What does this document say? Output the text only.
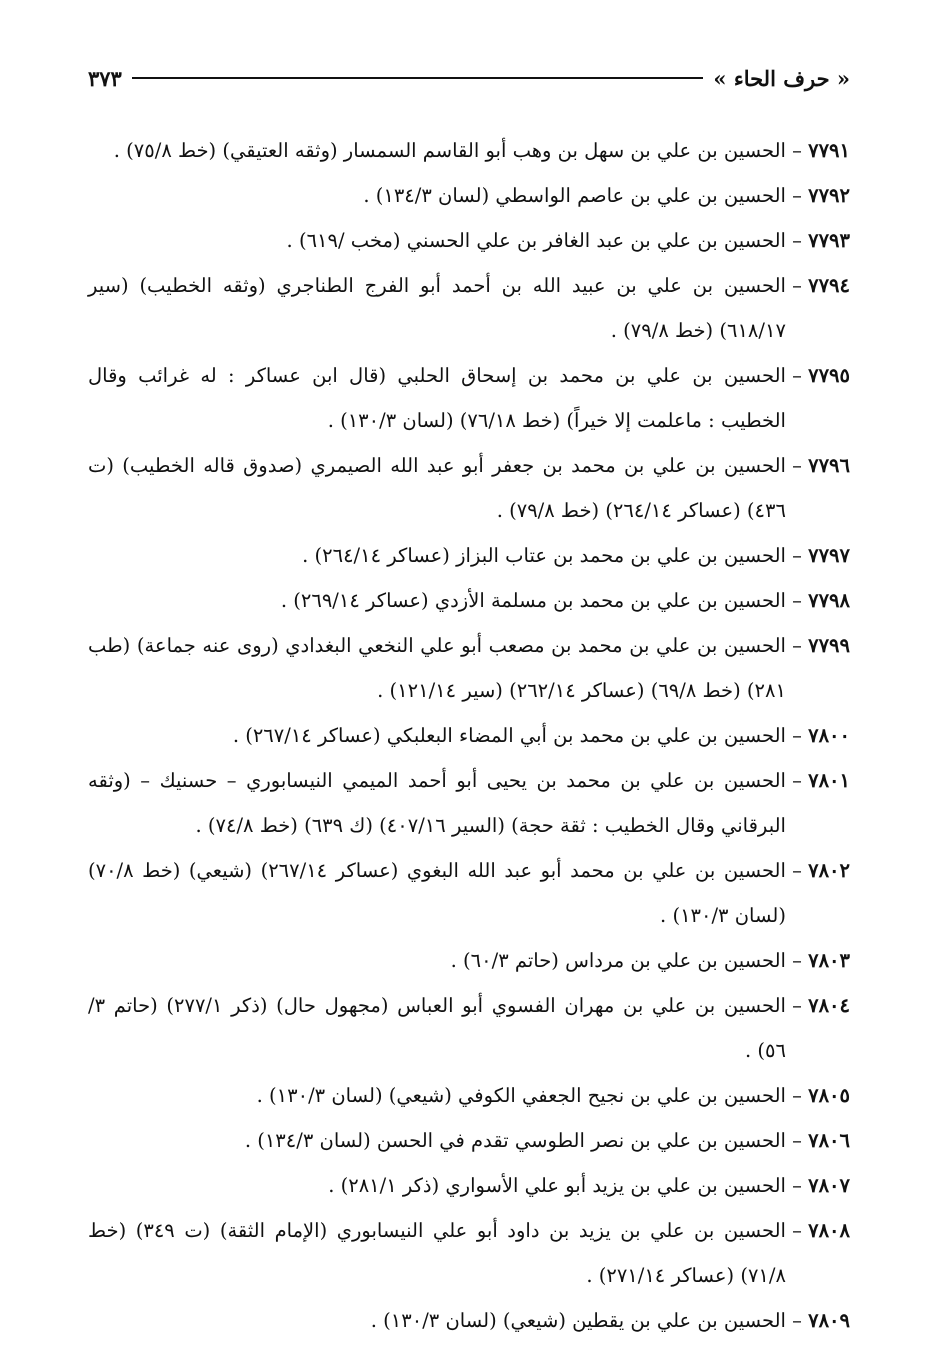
« حرف الحاء »
٣٧٣
٧٧٩١
–
الحسين بن علي بن سهل بن وهب أبو القاسم السمسار (وثقه العتيقي) (خط ٧٥/٨) .
٧٧٩٢
–
الحسين بن علي بن عاصم الواسطي (لسان ١٣٤/٣) .
٧٧٩٣
–
الحسين بن علي بن عبد الغافر بن علي الحسني (مخب /٦١٩) .
٧٧٩٤
–
الحسين بن علي بن عبيد الله بن أحمد أبو الفرج الطناجري (وثقه الخطيب) (سير ٦١٨/١٧) (خط ٧٩/٨) .
٧٧٩٥
–
الحسين بن علي بن محمد بن إسحاق الحلبي (قال ابن عساكر : له غرائب وقال الخطيب : ماعلمت إلا خيراً) (خط ٧٦/١٨) (لسان ١٣٠/٣) .
٧٧٩٦
–
الحسين بن علي بن محمد بن جعفر أبو عبد الله الصيمري (صدوق قاله الخطيب) (ت ٤٣٦) (عساكر ٢٦٤/١٤) (خط ٧٩/٨) .
٧٧٩٧
–
الحسين بن علي بن محمد بن عتاب البزاز (عساكر ٢٦٤/١٤) .
٧٧٩٨
–
الحسين بن علي بن محمد بن مسلمة الأزدي (عساكر ٢٦٩/١٤) .
٧٧٩٩
–
الحسين بن علي بن محمد بن مصعب أبو علي النخعي البغدادي (روى عنه جماعة) (طب ٢٨١) (خط ٦٩/٨) (عساكر ٢٦٢/١٤) (سير ١٢١/١٤) .
٧٨٠٠
–
الحسين بن علي بن محمد بن أبي المضاء البعلبكي (عساكر ٢٦٧/١٤) .
٧٨٠١
–
الحسين بن علي بن محمد بن يحيى أبو أحمد الميمي النيسابوري – حسنيك – (وثقه البرقاني وقال الخطيب : ثقة حجة) (السير ٤٠٧/١٦) (ك ٦٣٩) (خط ٧٤/٨) .
٧٨٠٢
–
الحسين بن علي بن محمد أبو عبد الله البغوي (عساكر ٢٦٧/١٤) (شيعي) (خط ٧٠/٨) (لسان ١٣٠/٣) .
٧٨٠٣
–
الحسين بن علي بن مرداس (حاتم ٦٠/٣) .
٧٨٠٤
–
الحسين بن علي بن مهران الفسوي أبو العباس (مجهول حال) (ذكر ٢٧٧/١) (حاتم ٣/ ٥٦) .
٧٨٠٥
–
الحسين بن علي بن نجيح الجعفي الكوفي (شيعي) (لسان ١٣٠/٣) .
٧٨٠٦
–
الحسين بن علي بن نصر الطوسي تقدم في الحسن (لسان ١٣٤/٣) .
٧٨٠٧
–
الحسين بن علي بن يزيد أبو علي الأسواري (ذكر ٢٨١/١) .
٧٨٠٨
–
الحسين بن علي بن يزيد بن داود أبو علي النيسابوري (الإمام الثقة) (ت ٣٤٩) (خط ٧١/٨) (عساكر ٢٧١/١٤) .
٧٨٠٩
–
الحسين بن علي بن يقطين (شيعي) (لسان ١٣٠/٣) .
